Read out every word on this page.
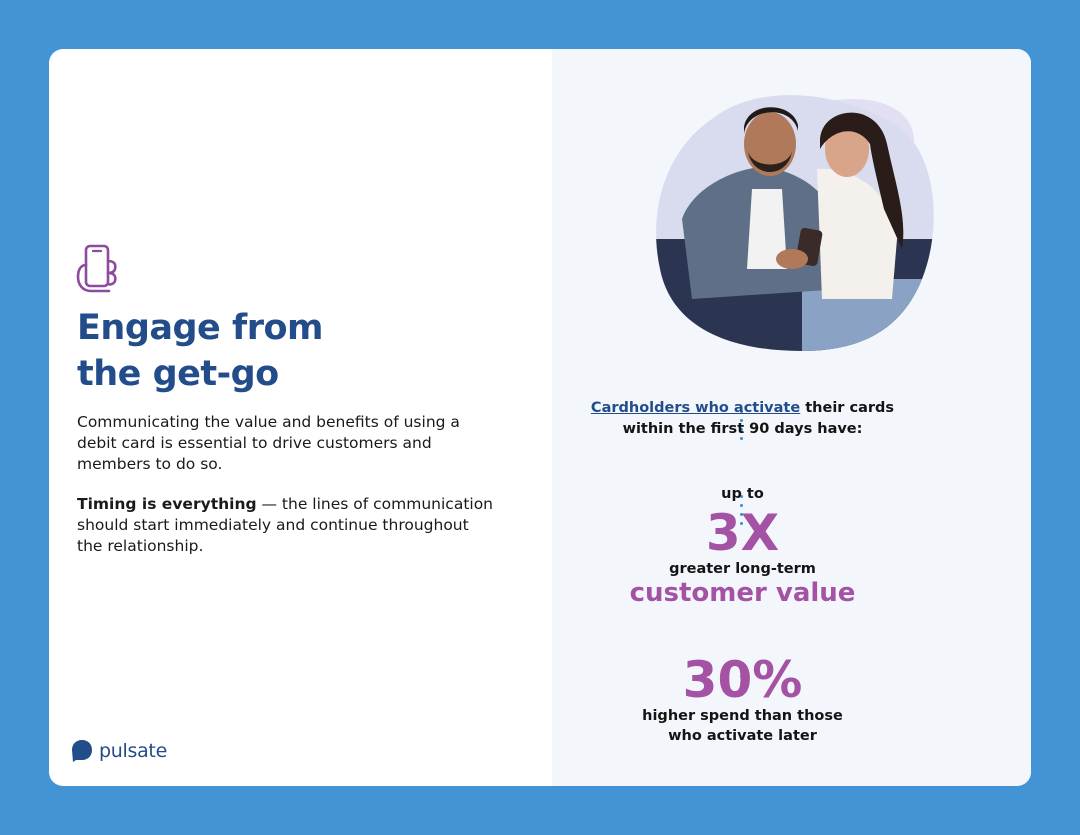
Engage from
the get-go

Communicating the value and benefits of using a debit card is essential to drive customers and members to do so.

Timing is everything — the lines of communication should start immediately and continue throughout the relationship.

pulsate
Cardholders who activate their cards
within the first 90 days have:
up to
3X
greater long-term
customer value
30%
higher spend than those
who activate later
